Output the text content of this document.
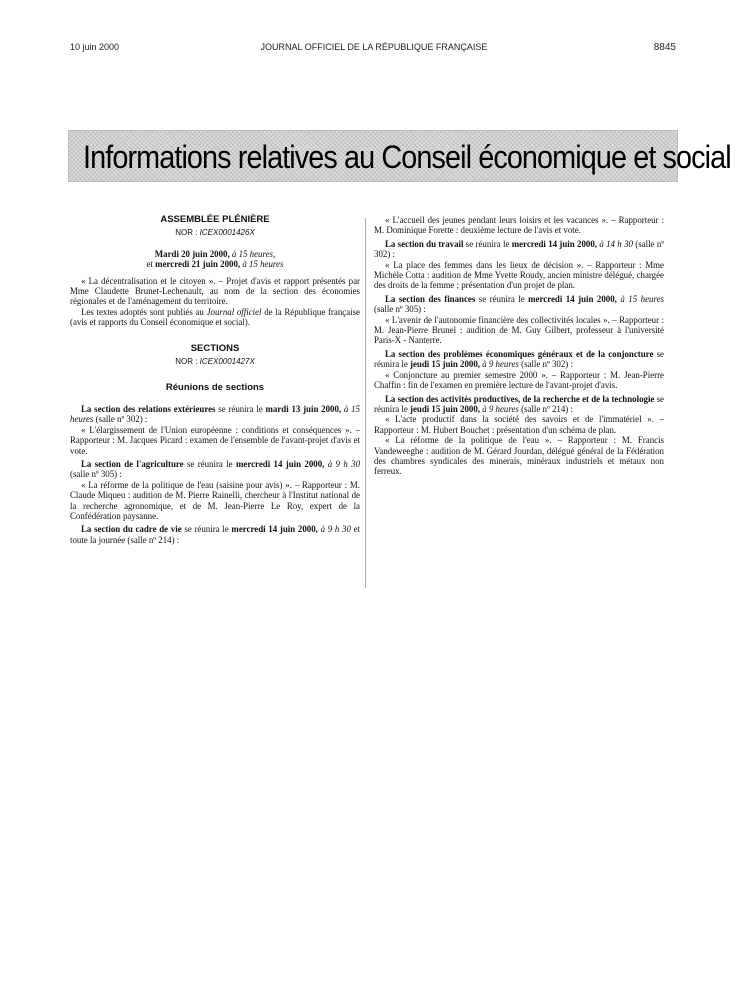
10 juin 2000	JOURNAL OFFICIEL DE LA RÉPUBLIQUE FRANÇAISE	8845
Informations relatives au Conseil économique et social

ASSEMBLÉE PLÉNIÈRE

NOR : ICEX0001426X

Mardi 20 juin 2000, à 15 heures,
et mercredi 21 juin 2000, à 15 heures

« La décentralisation et le citoyen ». – Projet d'avis et rapport présentés par Mme Claudette Brunet-Lechenault, au nom de la section des économies régionales et de l'aménagement du territoire.

Les textes adoptés sont publiés au Journal officiel de la République française (avis et rapports du Conseil économique et social).

SECTIONS

NOR : ICEX0001427X

Réunions de sections

La section des relations extérieures se réunira le mardi 13 juin 2000, à 15 heures (salle nº 302) :

« L'élargissement de l'Union européenne : conditions et conséquences ». – Rapporteur : M. Jacques Picard : examen de l'ensemble de l'avant-projet d'avis et vote.

La section de l'agriculture se réunira le mercredi 14 juin 2000, à 9 h 30 (salle nº 305) :

« La réforme de la politique de l'eau (saisine pour avis) ». – Rapporteur : M. Claude Miqueu : audition de M. Pierre Rainelli, chercheur à l'Institut national de la recherche agronomique, et de M. Jean-Pierre Le Roy, expert de la Confédération paysanne.

La section du cadre de vie se réunira le mercredi 14 juin 2000, à 9 h 30 et toute la journée (salle nº 214) :

« L'accueil des jeunes pendant leurs loisirs et les vacances ». – Rapporteur : M. Dominique Forette : deuxième lecture de l'avis et vote.

La section du travail se réunira le mercredi 14 juin 2000, à 14 h 30 (salle nº 302) :

« La place des femmes dans les lieux de décision ». – Rapporteur : Mme Michèle Cotta : audition de Mme Yvette Roudy, ancien ministre délégué, chargée des droits de la femme ; présentation d'un projet de plan.

La section des finances se réunira le mercredi 14 juin 2000, à 15 heures (salle nº 305) :

« L'avenir de l'autonomie financière des collectivités locales ». – Rapporteur : M. Jean-Pierre Brunel : audition de M. Guy Gilbert, professeur à l'université Paris-X - Nanterre.

La section des problèmes économiques généraux et de la conjoncture se réunira le jeudi 15 juin 2000, à 9 heures (salle nº 302) :

« Conjoncture au premier semestre 2000 ». – Rapporteur : M. Jean-Pierre Chaffin : fin de l'examen en première lecture de l'avant-projet d'avis.

La section des activités productives, de la recherche et de la technologie se réunira le jeudi 15 juin 2000, à 9 heures (salle nº 214) :

« L'acte productif dans la société des savoirs et de l'immatériel ». – Rapporteur : M. Hubert Bouchet : présentation d'un schéma de plan.

« La réforme de la politique de l'eau ». – Rapporteur : M. Francis Vandeweeghe : audition de M. Gérard Jourdan, délégué général de la Fédération des chambres syndicales des minerais, minéraux industriels et métaux non ferreux.
